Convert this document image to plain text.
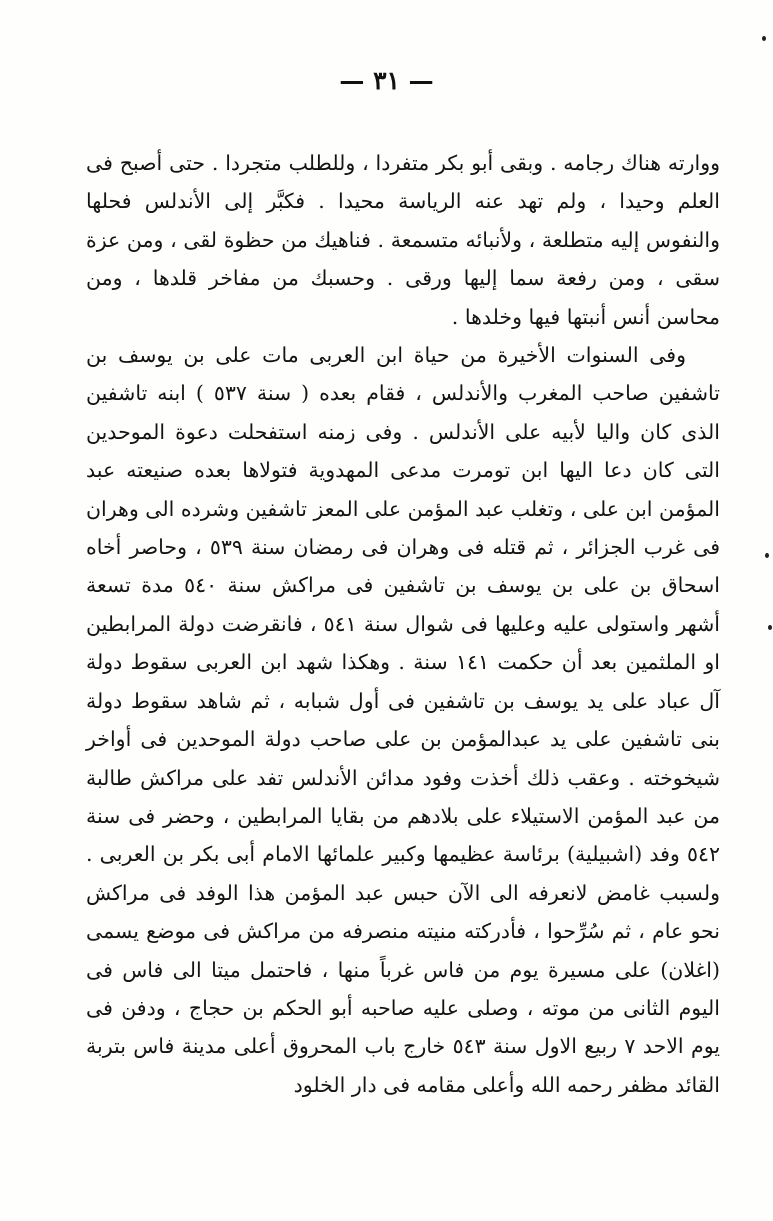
— ٣١ —

ووارته هناك رجامه . وبقى أبو بكر متفردا ، وللطلب متجردا . حتى أصبح فى العلم وحيدا ، ولم تهد عنه الرياسة محيدا . فكبَّر إلى الأندلس فحلها والنفوس إليه متطلعة ، ولأنبائه متسمعة . فناهيك من حظوة لقى ، ومن عزة سقى ، ومن رفعة سما إليها ورقى . وحسبك من مفاخر قلدها ، ومن محاسن أنس أنبتها فيها وخلدها .

وفى السنوات الأخيرة من حياة ابن العربى مات على بن يوسف بن تاشفين صاحب المغرب والأندلس ، فقام بعده ( سنة ٥٣٧ ) ابنه تاشفين الذى كان واليا لأبيه على الأندلس . وفى زمنه استفحلت دعوة الموحدين التى كان دعا اليها ابن تومرت مدعى المهدوية فتولاها بعده صنيعته عبد المؤمن ابن على ، وتغلب عبد المؤمن على المعز تاشفين وشرده الى وهران فى غرب الجزائر ، ثم قتله فى وهران فى رمضان سنة ٥٣٩ ، وحاصر أخاه اسحاق بن على بن يوسف بن تاشفين فى مراكش سنة ٥٤٠ مدة تسعة أشهر واستولى عليه وعليها فى شوال سنة ٥٤١ ، فانقرضت دولة المرابطين او الملثمين بعد أن حكمت ١٤١ سنة . وهكذا شهد ابن العربى سقوط دولة آل عباد على يد يوسف بن تاشفين فى أول شبابه ، ثم شاهد سقوط دولة بنى تاشفين على يد عبدالمؤمن بن على صاحب دولة الموحدين فى أواخر شيخوخته . وعقب ذلك أخذت وفود مدائن الأندلس تفد على مراكش طالبة من عبد المؤمن الاستيلاء على بلادهم من بقايا المرابطين ، وحضر فى سنة ٥٤٢ وفد (اشبيلية) برئاسة عظيمها وكبير علمائها الامام أبى بكر بن العربى . ولسبب غامض لانعرفه الى الآن حبس عبد المؤمن هذا الوفد فى مراكش نحو عام ، ثم سُرِّحوا ، فأدركته منيته منصرفه من مراكش فى موضع يسمى (اغلان) على مسيرة يوم من فاس غرباً منها ، فاحتمل ميتا الى فاس فى اليوم الثانى من موته ، وصلى عليه صاحبه أبو الحكم بن حجاج ، ودفن فى يوم الاحد ٧ ربيع الاول سنة ٥٤٣ خارج باب المحروق أعلى مدينة فاس بتربة القائد مظفر رحمه الله وأعلى مقامه فى دار الخلود
